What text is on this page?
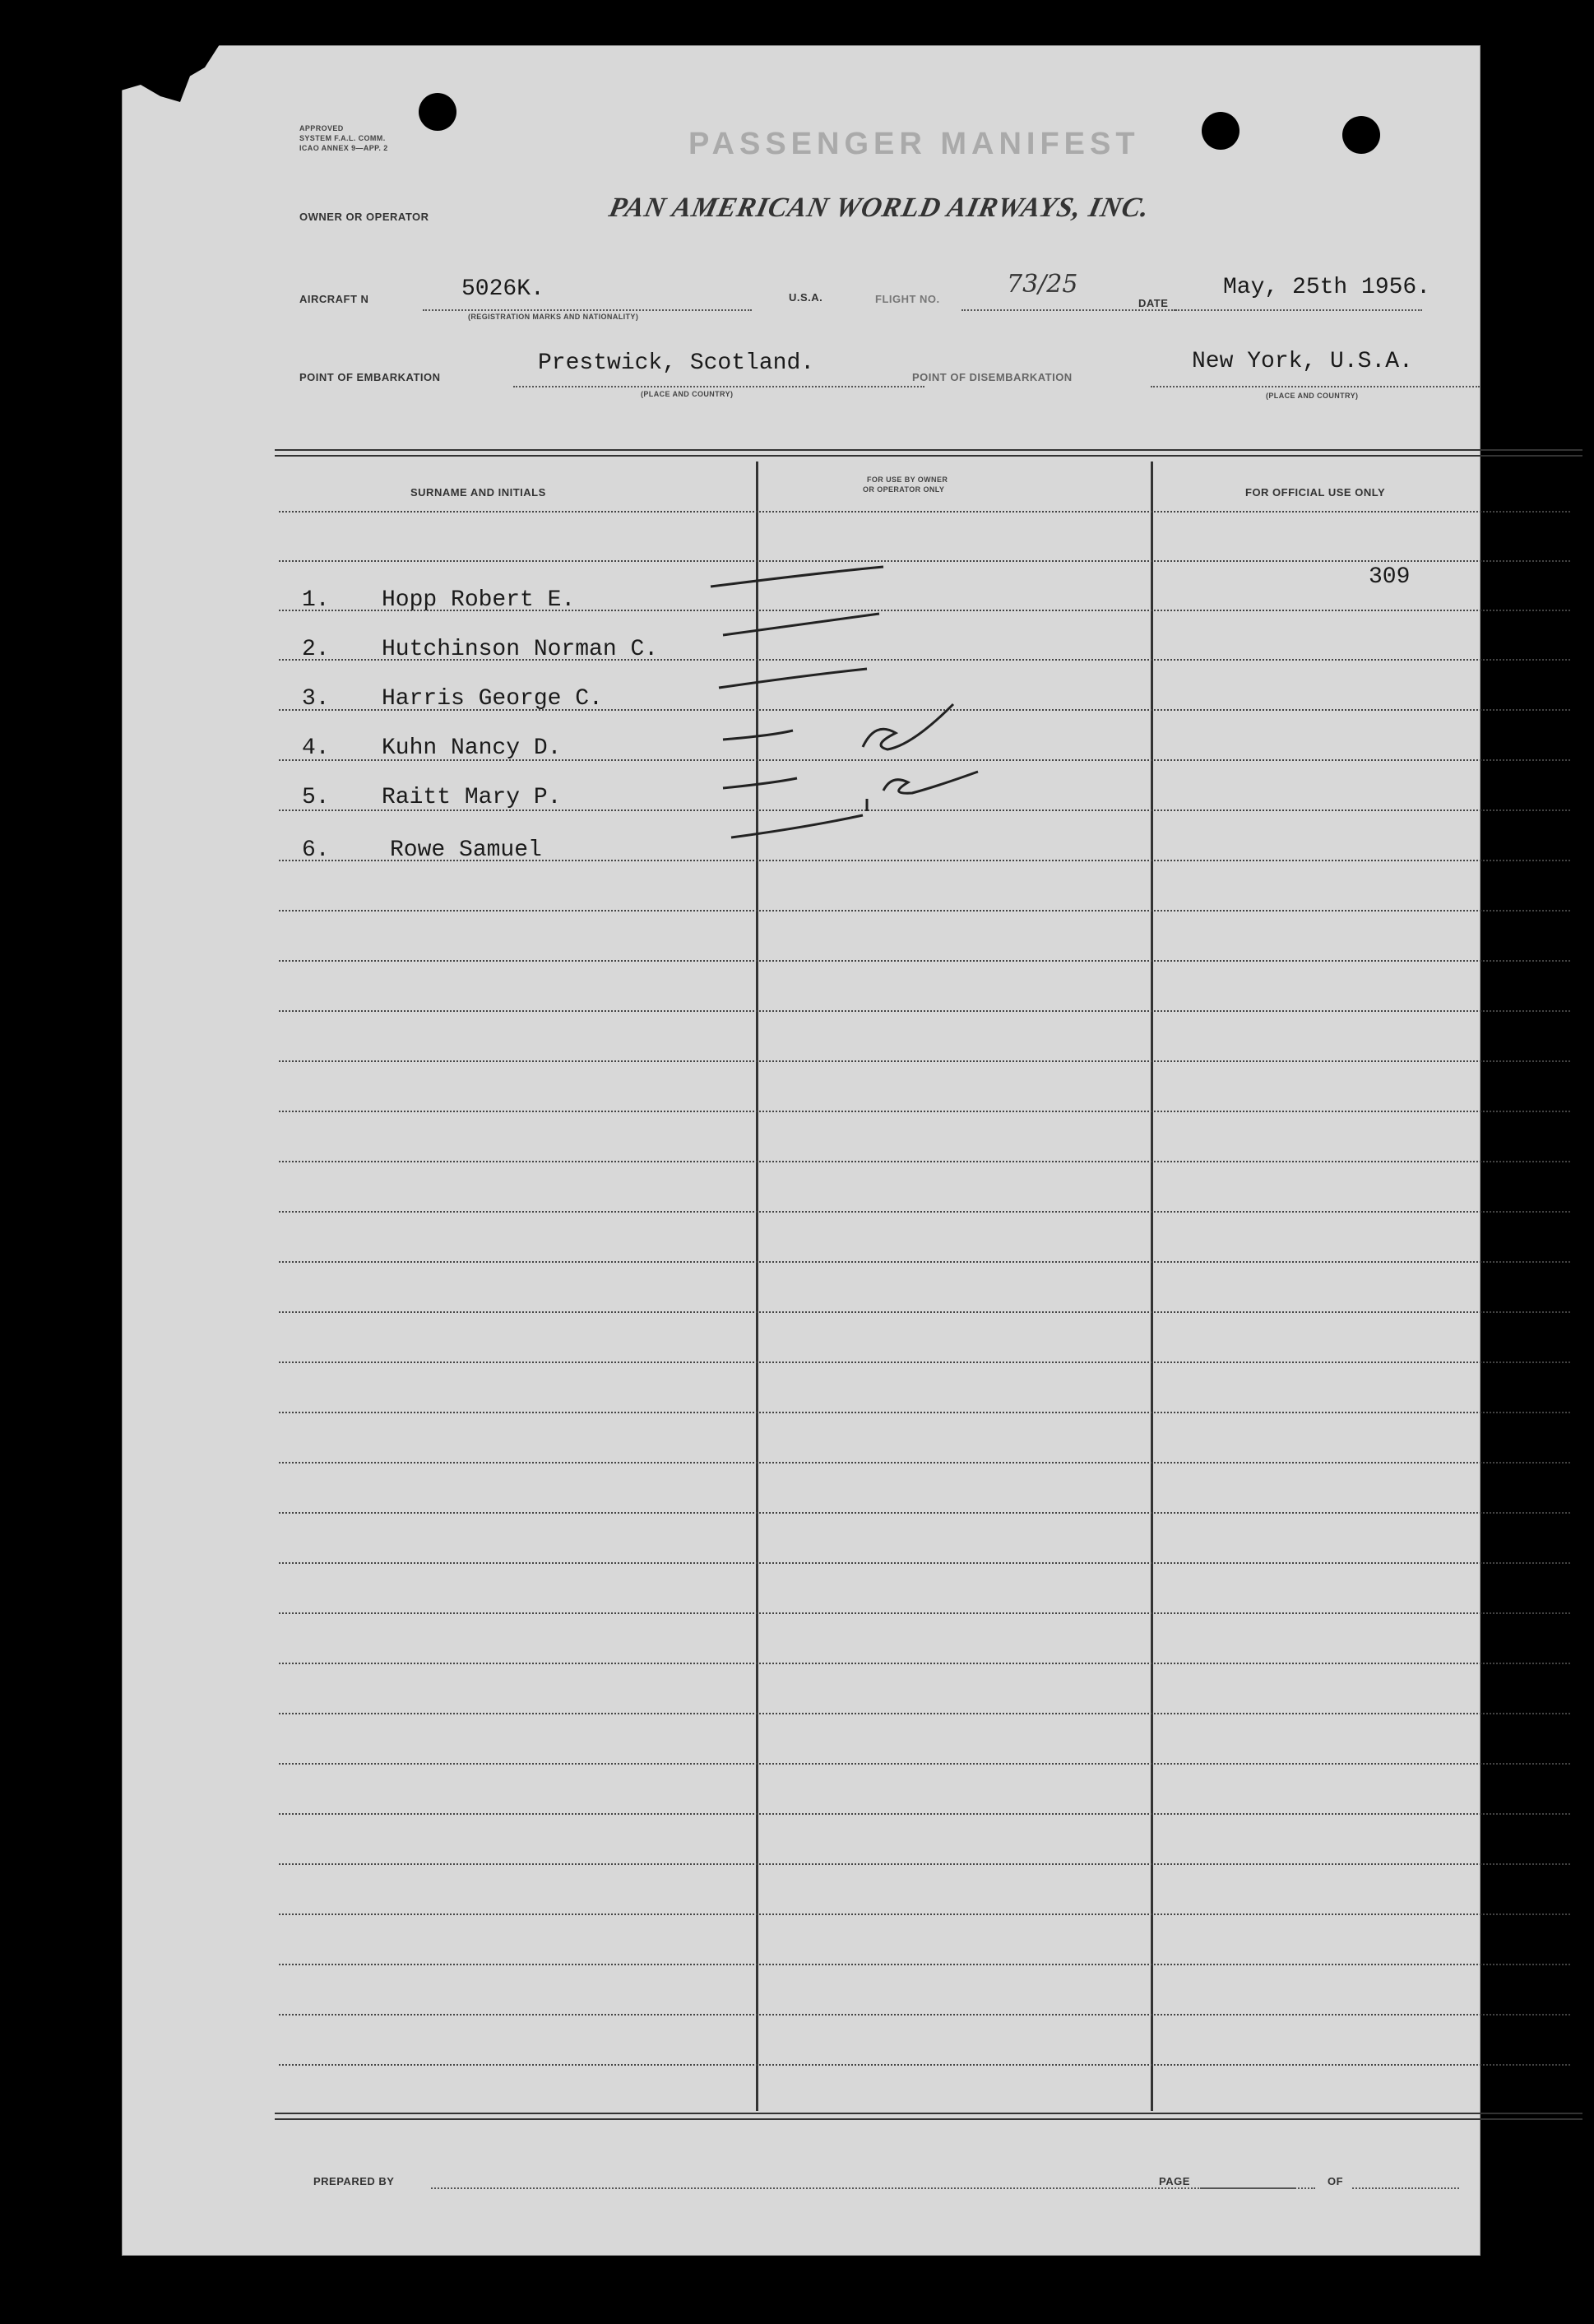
APPROVED
SYSTEM F.A.L. COMM.
ICAO ANNEX 9—APP. 2	PASSENGER MANIFEST
OWNER OR OPERATOR	PAN AMERICAN WORLD AIRWAYS, INC.
AIRCRAFT N	5026K.
(REGISTRATION MARKS AND NATIONALITY)
U.S.A.	FLIGHT NO.
73/25
DATE
May, 25th 1956.
POINT OF EMBARKATION
Prestwick, Scotland.
(PLACE AND COUNTRY)
POINT OF DISEMBARKATION
New York, U.S.A.
(PLACE AND COUNTRY)
SURNAME AND INITIALS
FOR USE BY OWNER
OR OPERATOR ONLY	FOR OFFICIAL USE ONLY
309
1. Hopp Robert E.
2. Hutchinson Norman C.
3. Harris George C.
4. Kuhn Nancy D.
5. Raitt Mary P.
6.	Rowe Samuel
PREPARED BY	PAGE	OF
